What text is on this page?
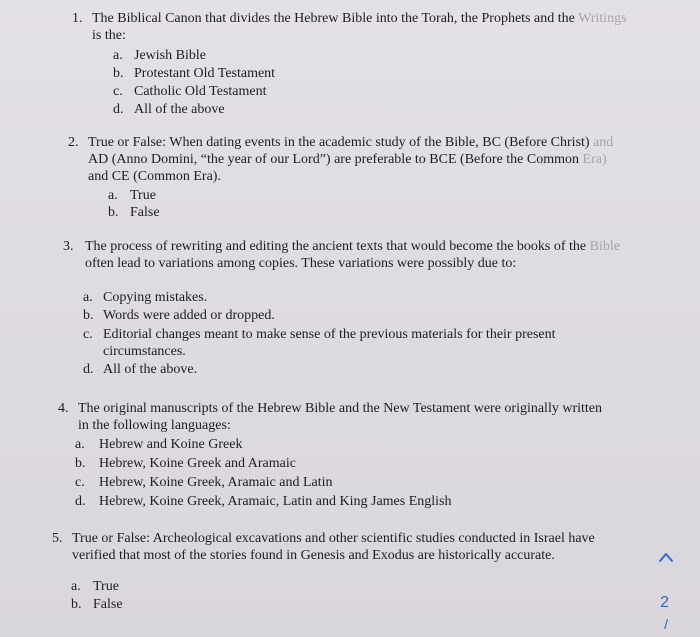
1. The Biblical Canon that divides the Hebrew Bible into the Torah, the Prophets and the Writings
is the:
a. Jewish Bible
b. Protestant Old Testament
c. Catholic Old Testament
d. All of the above
2. True or False: When dating events in the academic study of the Bible, BC (Before Christ) and
AD (Anno Domini, “the year of our Lord”) are preferable to BCE (Before the Common Era)
and CE (Common Era).
a. True
b. False
3. The process of rewriting and editing the ancient texts that would become the books of the Bible
often lead to variations among copies. These variations were possibly due to:
a. Copying mistakes.
b. Words were added or dropped.
c. Editorial changes meant to make sense of the previous materials for their present
circumstances.
d. All of the above.
4. The original manuscripts of the Hebrew Bible and the New Testament were originally written
in the following languages:
a. Hebrew and Koine Greek
b. Hebrew, Koine Greek and Aramaic
c. Hebrew, Koine Greek, Aramaic and Latin
d. Hebrew, Koine Greek, Aramaic, Latin and King James English
5. True or False: Archeological excavations and other scientific studies conducted in Israel have
verified that most of the stories found in Genesis and Exodus are historically accurate.
a. True
b. False	2
/
